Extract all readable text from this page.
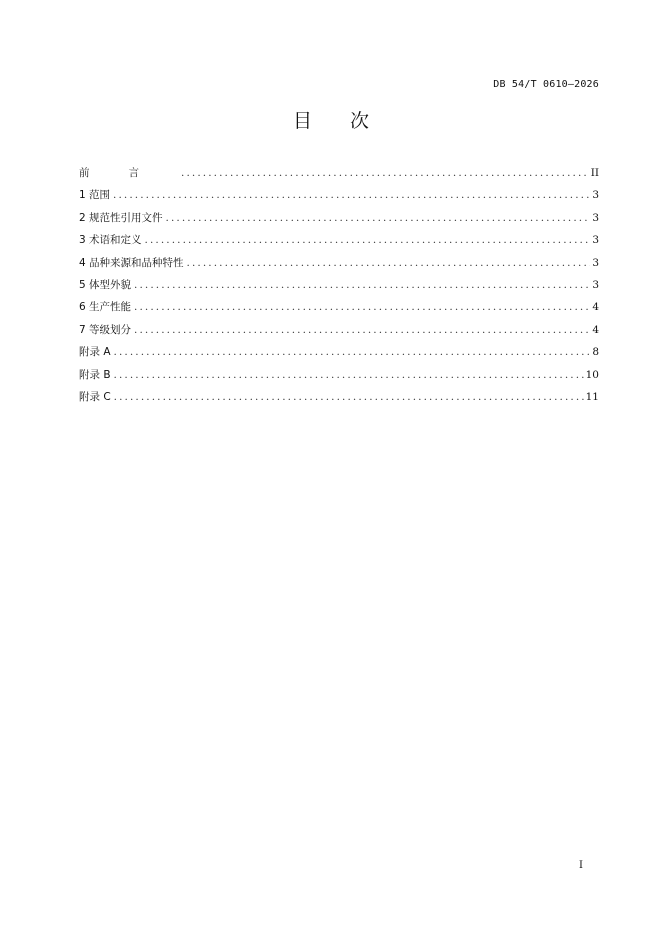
DB 54/T 0610—2026
目次
前言 .....	II
1 范围 .....	3
2 规范性引用文件 .....	3
3 术语和定义 .....	3
4 品种来源和品种特性 .....	3
5 体型外貌 .....	3
6 生产性能 .....	4
7 等级划分 .....	4
附录 A .....	8
附录 B .....	10
附录 C .....	11
I
